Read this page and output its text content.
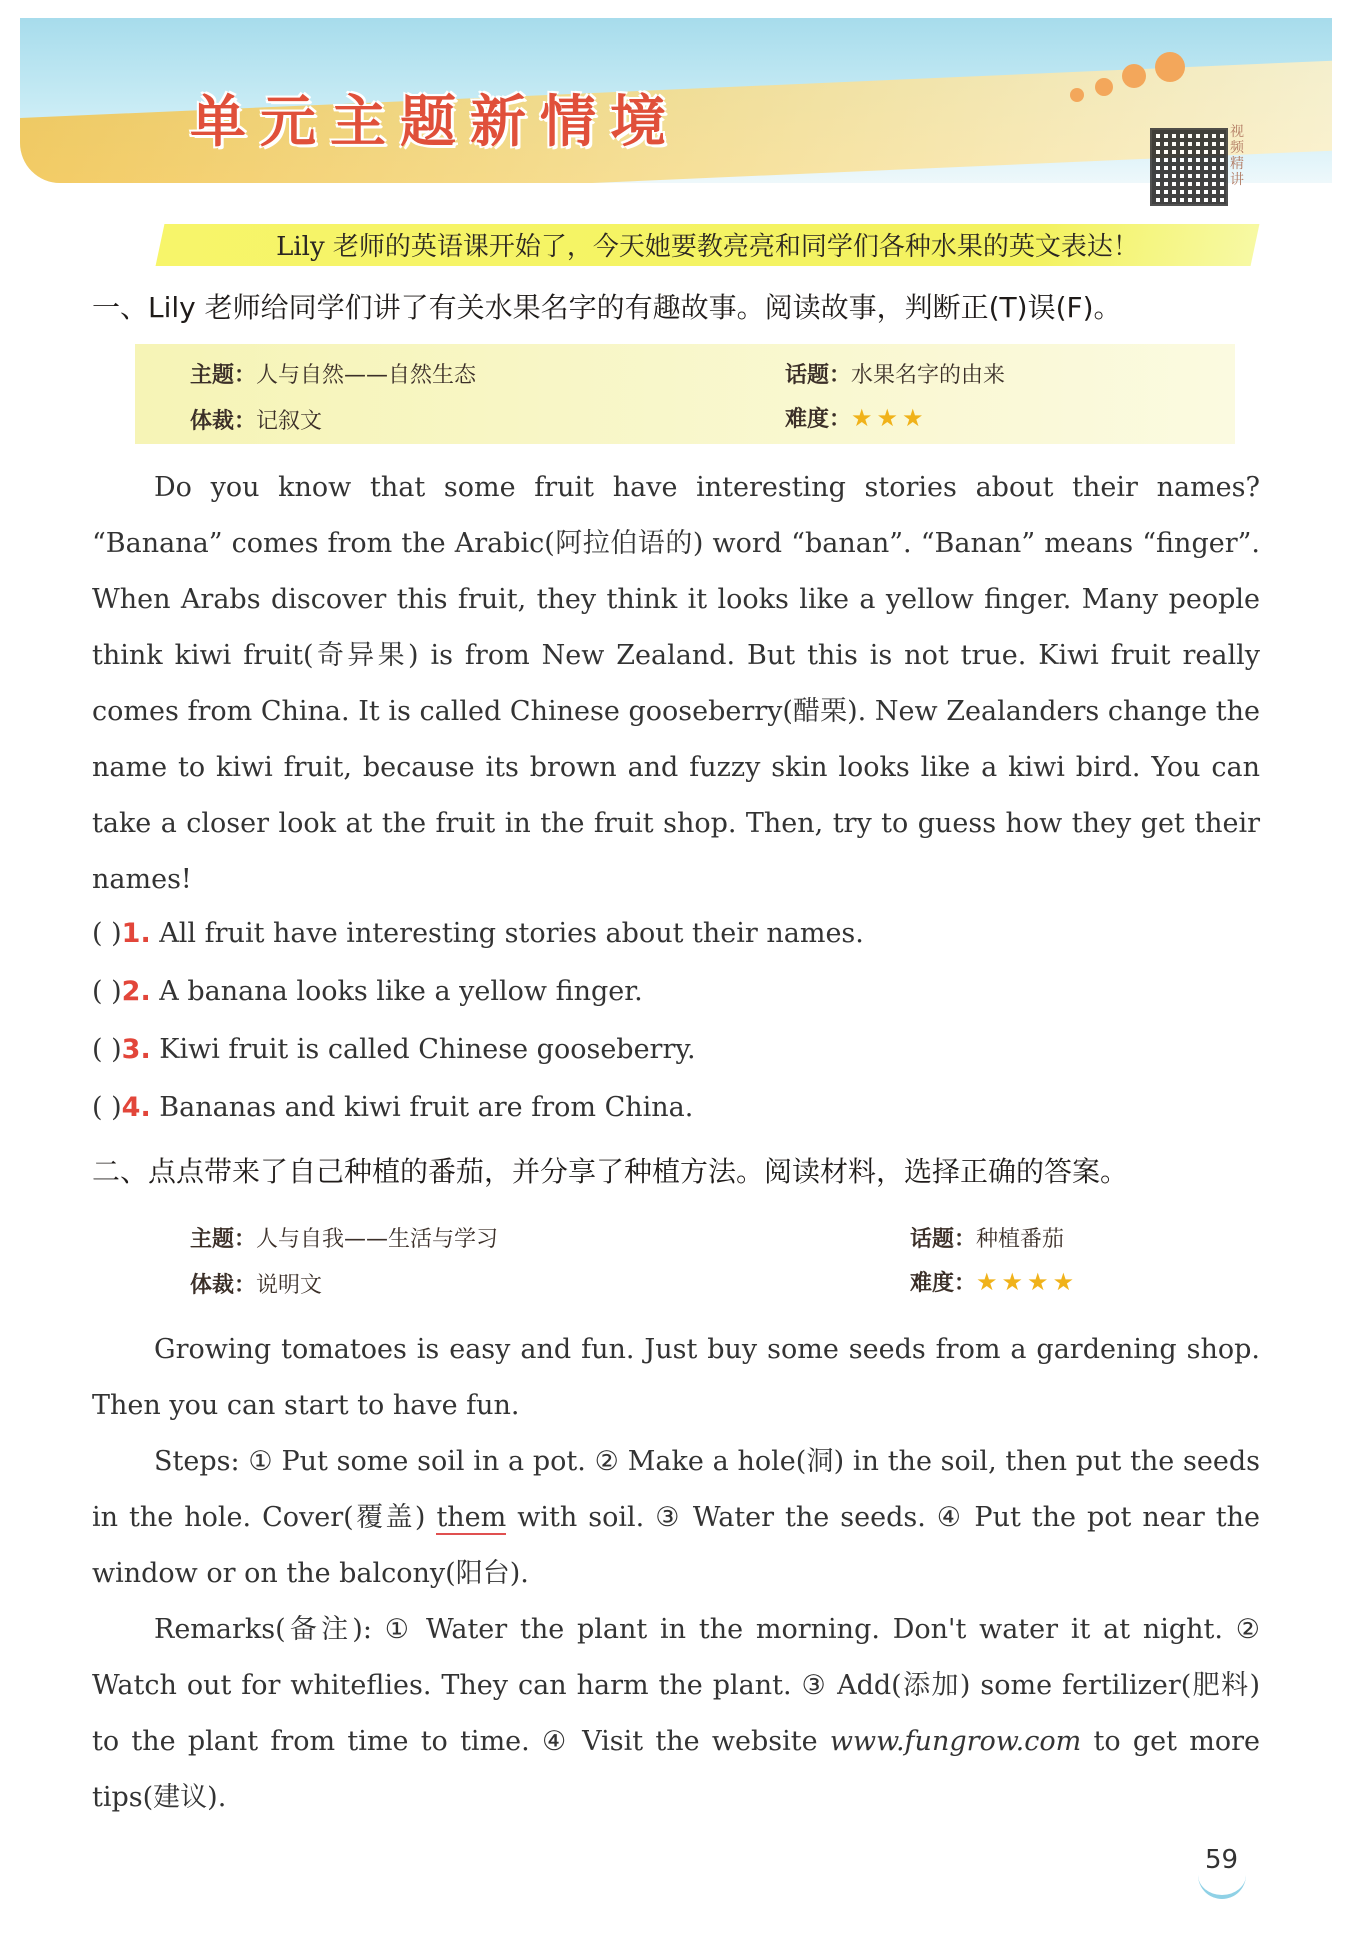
单元主题新情境	视频精讲
Lily 老师的英语课开始了，今天她要教亮亮和同学们各种水果的英文表达！
一、Lily 老师给同学们讲了有关水果名字的有趣故事。阅读故事，判断正(T)误(F)。
主题：人与自然——自然生态	话题：水果名字的由来
体裁：记叙文	难度：★★★

Do you know that some fruit have interesting stories about their names? “Banana” comes from the Arabic(阿拉伯语的) word “banan”. “Banan” means “finger”. When Arabs discover this fruit, they think it looks like a yellow finger. Many people think kiwi fruit(奇异果) is from New Zealand. But this is not true. Kiwi fruit really comes from China. It is called Chinese gooseberry(醋栗). New Zealanders change the name to kiwi fruit, because its brown and fuzzy skin looks like a kiwi bird. You can take a closer look at the fruit in the fruit shop. Then, try to guess how they get their names!

( )1. All fruit have interesting stories about their names.
( )2. A banana looks like a yellow finger.
( )3. Kiwi fruit is called Chinese gooseberry.
( )4. Bananas and kiwi fruit are from China.
二、点点带来了自己种植的番茄，并分享了种植方法。阅读材料，选择正确的答案。
主题：人与自我——生活与学习	话题：种植番茄
体裁：说明文	难度：★★★★

Growing tomatoes is easy and fun. Just buy some seeds from a gardening shop. Then you can start to have fun.

Steps: ① Put some soil in a pot. ② Make a hole(洞) in the soil, then put the seeds in the hole. Cover(覆盖) them with soil. ③ Water the seeds. ④ Put the pot near the window or on the balcony(阳台).

Remarks(备注): ① Water the plant in the morning. Don't water it at night. ② Watch out for whiteflies. They can harm the plant. ③ Add(添加) some fertilizer(肥料) to the plant from time to time. ④ Visit the website www.fungrow.com to get more tips(建议).

59
